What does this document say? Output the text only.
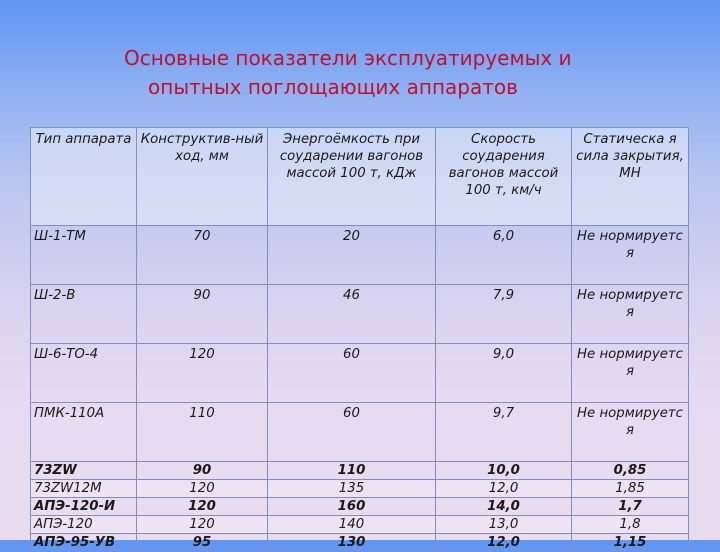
Основные показатели эксплуатируемых и
опытных поглощающих аппаратов
Тип аппарата	Конструктив-ный ход, мм	Энергоёмкость при соударении вагонов массой 100 т, кДж	Скорость соударения вагонов массой 100 т, км/ч	Статическа я сила закрытия, МН
Ш-1-ТМ	70	20	6,0	Не нормируетс я
Ш-2-В	90	46	7,9	Не нормируетс я
Ш-6-ТО-4	120	60	9,0	Не нормируетс я
ПМК-110А	110	60	9,7	Не нормируетс я
73ZW	90	110	10,0	0,85
73ZW12М	120	135	12,0	1,85
АПЭ-120-И	120	160	14,0	1,7
АПЭ-120	120	140	13,0	1,8
АПЭ-95-УВ	95	130	12,0	1,15
